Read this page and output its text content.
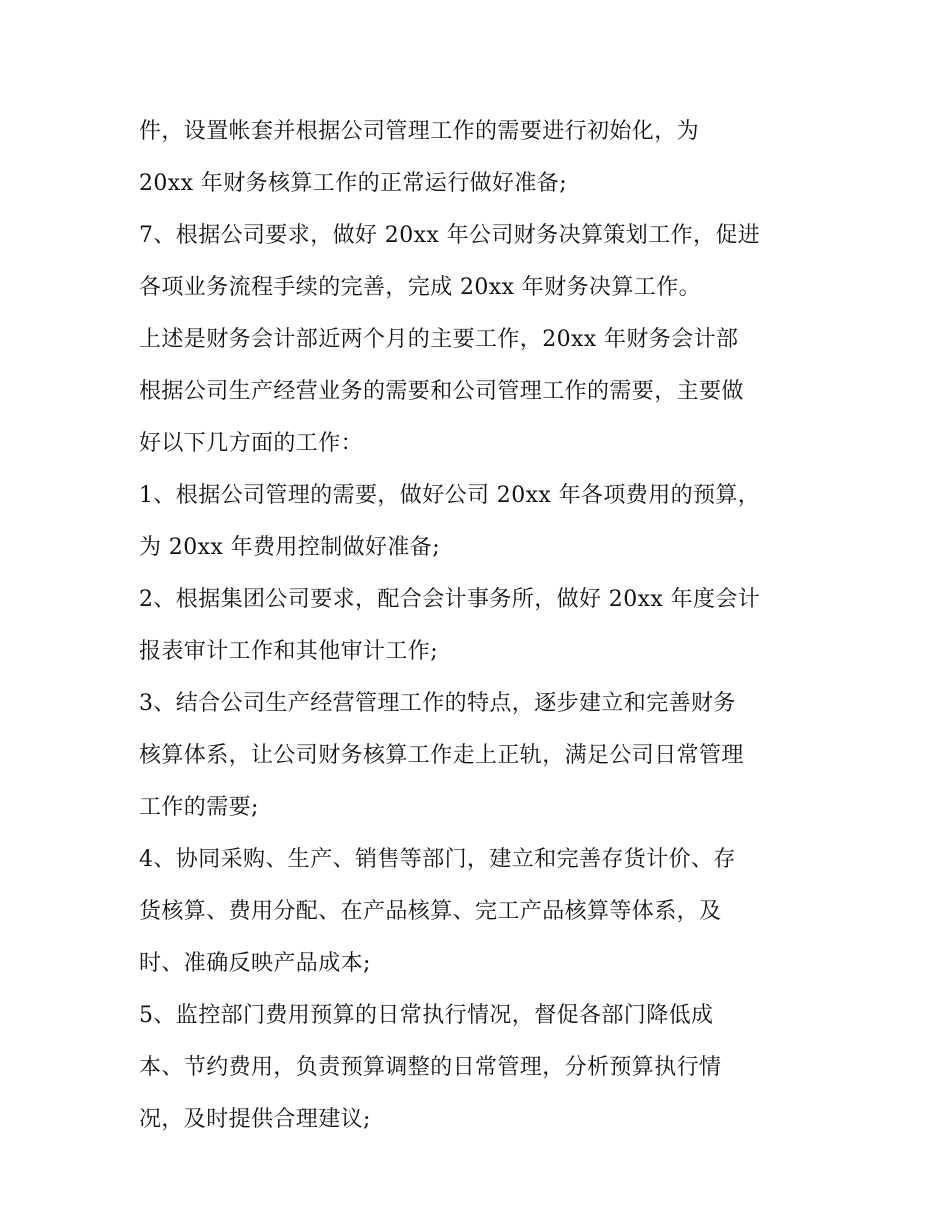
件，设置帐套并根据公司管理工作的需要进行初始化，为
20xx 年财务核算工作的正常运行做好准备;
7、根据公司要求，做好 20xx 年公司财务决算策划工作，促进
各项业务流程手续的完善，完成 20xx 年财务决算工作。
上述是财务会计部近两个月的主要工作，20xx 年财务会计部
根据公司生产经营业务的需要和公司管理工作的需要，主要做
好以下几方面的工作：
1、根据公司管理的需要，做好公司 20xx 年各项费用的预算，
为 20xx 年费用控制做好准备;
2、根据集团公司要求，配合会计事务所，做好 20xx 年度会计
报表审计工作和其他审计工作;
3、结合公司生产经营管理工作的特点，逐步建立和完善财务
核算体系，让公司财务核算工作走上正轨，满足公司日常管理
工作的需要;
4、协同采购、生产、销售等部门，建立和完善存货计价、存
货核算、费用分配、在产品核算、完工产品核算等体系，及
时、准确反映产品成本;
5、监控部门费用预算的日常执行情况，督促各部门降低成
本、节约费用，负责预算调整的日常管理，分析预算执行情
况，及时提供合理建议;
